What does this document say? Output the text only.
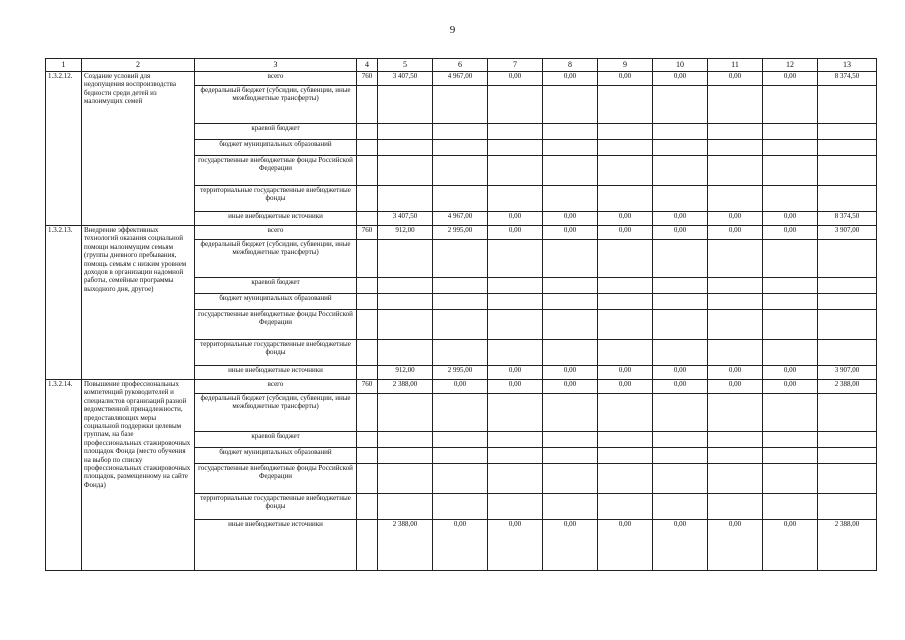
9
1	2	3	4	5	6	7	8	9	10	11	12	13
1.3.2.12.	Создание условий для недопущения воспроизводства бедности среди детей из малоимущих семей	всего	760	3 407,50	4 967,00	0,00	0,00	0,00	0,00	0,00	0,00	8 374,50
		федеральный бюджет (субсидии, субвенции, иные межбюджетные трансферты)										
		краевой бюджет										
		бюджет муниципальных образований										
		государственные внебюджетные фонды Российской Федерации										
		территориальные государственные внебюджетные фонды										
		иные внебюджетные источники		3 407,50	4 967,00	0,00	0,00	0,00	0,00	0,00	0,00	8 374,50
1.3.2.13.	Внедрение эффективных технологий оказания социальной помощи малоимущим семьям (группы дневного пребывания, помощь семьям с низким уровнем доходов в организации надомной работы, семейные программы выходного дня, другое)	всего	760	912,00	2 995,00	0,00	0,00	0,00	0,00	0,00	0,00	3 907,00
		федеральный бюджет (субсидии, субвенции, иные межбюджетные трансферты)										
		краевой бюджет										
		бюджет муниципальных образований										
		государственные внебюджетные фонды Российской Федерации										
		территориальные государственные внебюджетные фонды										
		иные внебюджетные источники		912,00	2 995,00	0,00	0,00	0,00	0,00	0,00	0,00	3 907,00
1.3.2.14.	Повышение профессиональных компетенций руководителей и специалистов организаций разной ведомственной принадлежности, предоставляющих меры социальной поддержки целевым группам, на базе профессиональных стажировочных площадок Фонда (место обучения на выбор по списку профессиональных стажировочных площадок, размещенному на сайте Фонда)	всего	760	2 388,00	0,00	0,00	0,00	0,00	0,00	0,00	0,00	2 388,00
		федеральный бюджет (субсидии, субвенции, иные межбюджетные трансферты)										
		краевой бюджет										
		бюджет муниципальных образований										
		государственные внебюджетные фонды Российской Федерации										
		территориальные государственные внебюджетные фонды										
		иные внебюджетные источники		2 388,00	0,00	0,00	0,00	0,00	0,00	0,00	0,00	2 388,00
